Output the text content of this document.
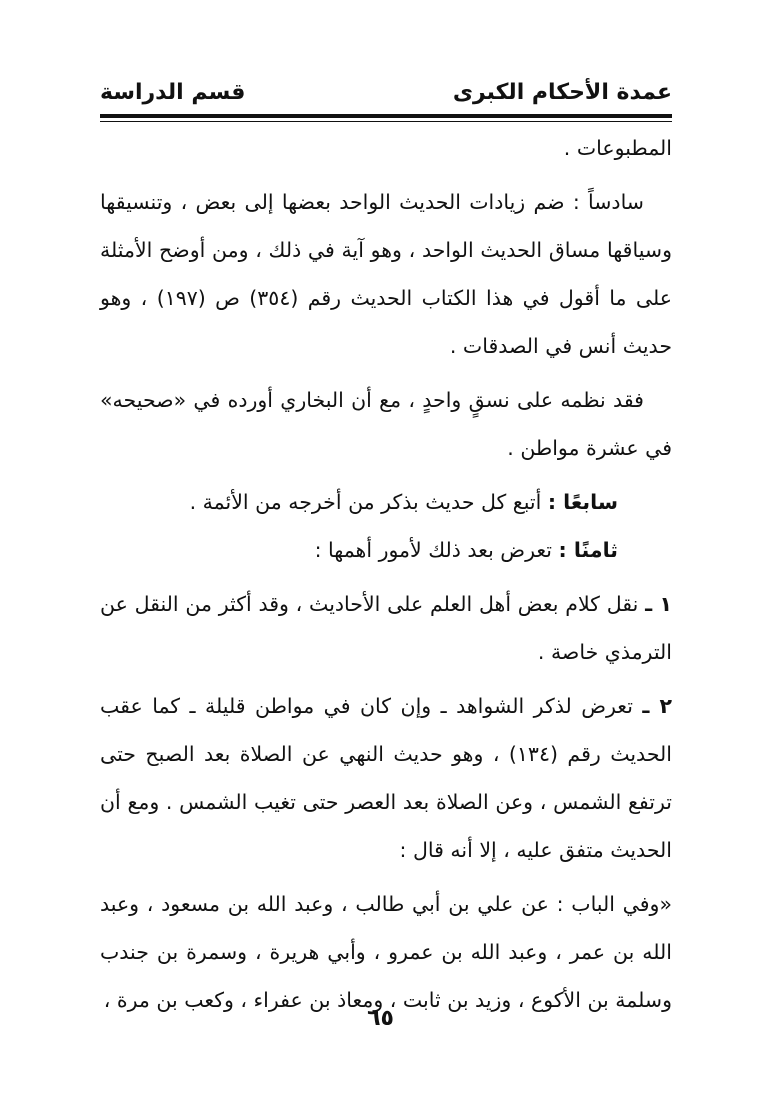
عمدة الأحكام الكبرى
قسم الدراسة

المطبوعات .

سادساً : ضم زيادات الحديث الواحد بعضها إلى بعض ، وتنسيقها وسياقها مساق الحديث الواحد ، وهو آية في ذلك ، ومن أوضح الأمثلة على ما أقول في هذا الكتاب الحديث رقم (٣٥٤) ص (١٩٧) ، وهو حديث أنس في الصدقات .

فقد نظمه على نسقٍ واحدٍ ، مع أن البخاري أورده في «صحيحه» في عشرة مواطن .

سابعًا : أتبع كل حديث بذكر من أخرجه من الأئمة .

ثامنًا : تعرض بعد ذلك لأمور أهمها :

١ ـ نقل كلام بعض أهل العلم على الأحاديث ، وقد أكثر من النقل عن الترمذي خاصة .

٢ ـ تعرض لذكر الشواهد ـ وإن كان في مواطن قليلة ـ كما عقب الحديث رقم (١٣٤) ، وهو حديث النهي عن الصلاة بعد الصبح حتى ترتفع الشمس ، وعن الصلاة بعد العصر حتى تغيب الشمس . ومع أن الحديث متفق عليه ، إلا أنه قال :

«وفي الباب : عن علي بن أبي طالب ، وعبد الله بن مسعود ، وعبد الله بن عمر ، وعبد الله بن عمرو ، وأبي هريرة ، وسمرة بن جندب وسلمة بن الأكوع ، وزيد بن ثابت ، ومعاذ بن عفراء ، وكعب بن مرة ،

٦٥
